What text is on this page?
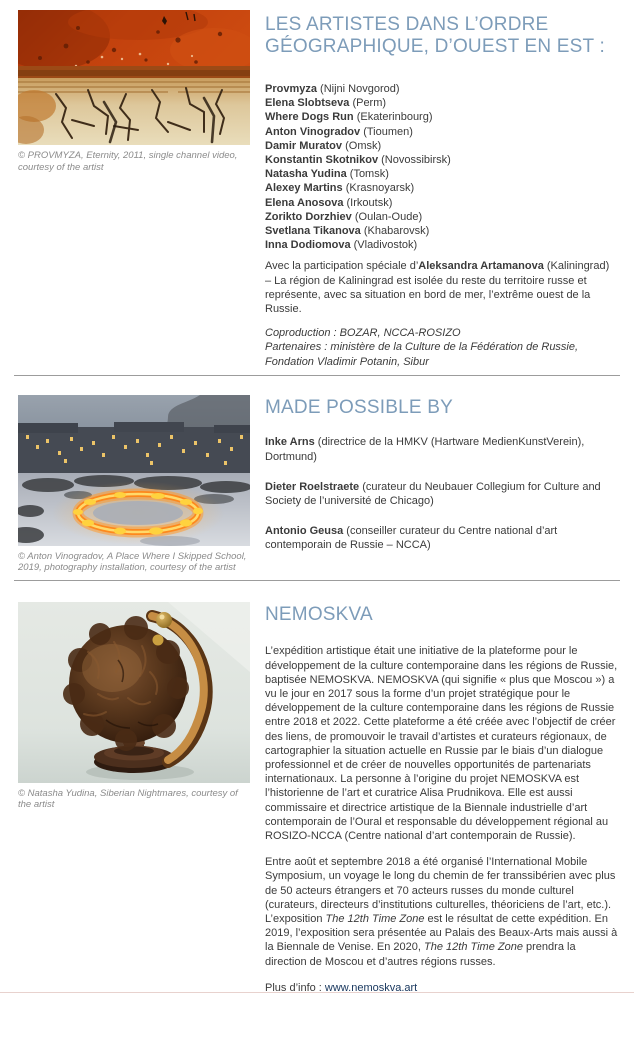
© PROVMYZA, Eternity, 2011, single channel video, courtesy of the artist

LES ARTISTES DANS L’ORDRE GÉOGRAPHIQUE, D’OUEST EN EST :
Provmyza (Nijni Novgorod)
Elena Slobtseva (Perm)
Where Dogs Run (Ekaterinbourg)
Anton Vinogradov (Tioumen)
Damir Muratov (Omsk)
Konstantin Skotnikov (Novossibirsk)
Natasha Yudina (Tomsk)
Alexey Martins (Krasnoyarsk)
Elena Anosova (Irkoutsk)
Zorikto Dorzhiev (Oulan-Oude)
Svetlana Tikanova (Khabarovsk)
Inna Dodiomova (Vladivostok)

Avec la participation spéciale d’Aleksandra Artamanova (Kaliningrad) – La région de Kaliningrad est isolée du reste du territoire russe et représente, avec sa situation en bord de mer, l’extrême ouest de la Russie.

Coproduction : BOZAR, NCCA-ROSIZO
Partenaires : ministère de la Culture de la Fédération de Russie, Fondation Vladimir Potanin, Sibur

© Anton Vinogradov, A Place Where I Skipped School, 2019, photography installation, courtesy of the artist

MADE POSSIBLE BY

Inke Arns (directrice de la HMKV (Hartware MedienKunstVerein), Dortmund)

Dieter Roelstraete (curateur du Neubauer Collegium for Culture and Society de l’université de Chicago)

Antonio Geusa (conseiller curateur du Centre national d’art contemporain de Russie – NCCA)

© Natasha Yudina, Siberian Nightmares, courtesy of the artist

NEMOSKVA

L’expédition artistique était une initiative de la plateforme pour le développement de la culture contemporaine dans les régions de Russie, baptisée NEMOSKVA. NEMOSKVA (qui signifie « plus que Moscou ») a vu le jour en 2017 sous la forme d’un projet stratégique pour le développement de la culture contemporaine dans les régions de Russie entre 2018 et 2022. Cette plateforme a été créée avec l’objectif de créer des liens, de promouvoir le travail d’artistes et curateurs régionaux, de cartographier la situation actuelle en Russie par le biais d’un dialogue professionnel et de créer de nouvelles opportunités de partenariats internationaux. La personne à l’origine du projet NEMOSKVA est l’historienne de l’art et curatrice Alisa Prudnikova. Elle est aussi commissaire et directrice artistique de la Biennale industrielle d’art contemporain de l’Oural et responsable du développement régional au ROSIZO-NCCA (Centre national d’art contemporain de Russie).

Entre août et septembre 2018 a été organisé l’International Mobile Symposium, un voyage le long du chemin de fer transsibérien avec plus de 50 acteurs étrangers et 70 acteurs russes du monde culturel (curateurs, directeurs d’institutions culturelles, théoriciens de l’art, etc.). L’exposition The 12th Time Zone est le résultat de cette expédition. En 2019, l’exposition sera présentée au Palais des Beaux-Arts mais aussi à la Biennale de Venise. En 2020, The 12th Time Zone prendra la direction de Moscou et d’autres régions russes.

Plus d’info : www.nemoskva.art
